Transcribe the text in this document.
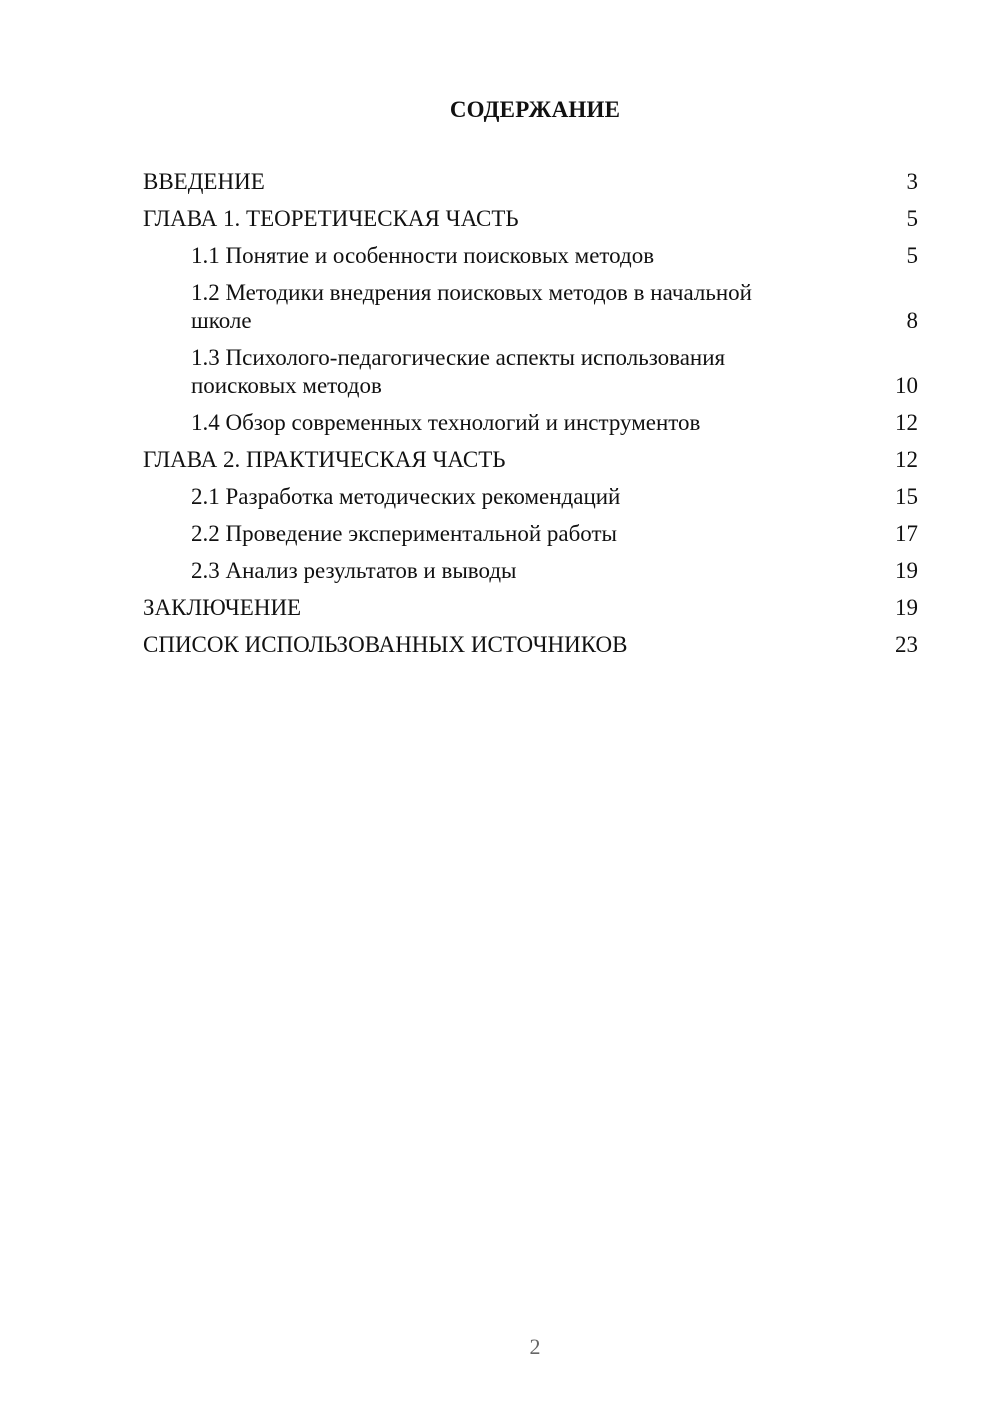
СОДЕРЖАНИЕ
ВВЕДЕНИЕ	3
ГЛАВА 1. ТЕОРЕТИЧЕСКАЯ ЧАСТЬ	5
1.1 Понятие и особенности поисковых методов	5
1.2 Методики внедрения поисковых методов в начальной школе	8
1.3 Психолого-педагогические аспекты использования поисковых методов	10
1.4 Обзор современных технологий и инструментов	12
ГЛАВА 2. ПРАКТИЧЕСКАЯ ЧАСТЬ	12
2.1 Разработка методических рекомендаций	15
2.2 Проведение экспериментальной работы	17
2.3 Анализ результатов и выводы	19
ЗАКЛЮЧЕНИЕ	19
СПИСОК ИСПОЛЬЗОВАННЫХ ИСТОЧНИКОВ	23
2
